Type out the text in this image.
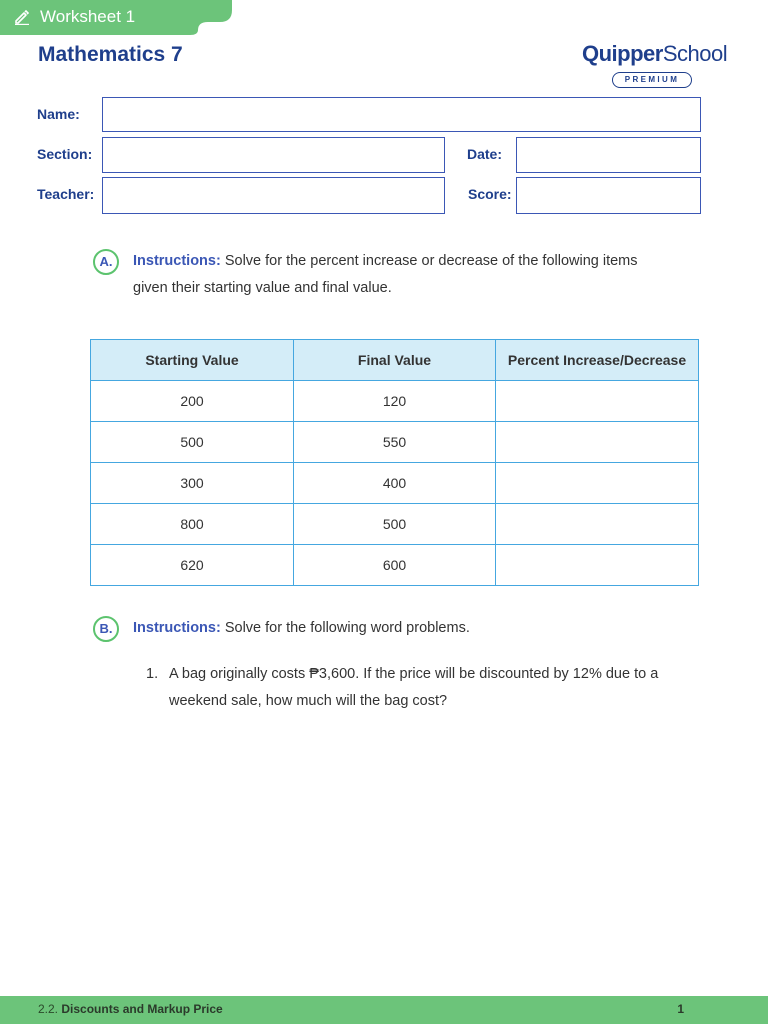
Worksheet 1
Mathematics 7	QuipperSchool
PREMIUM
Name:
Section:	Date:
Teacher:	Score:
A.	Instructions: Solve for the percent increase or decrease of the following items
given their starting value and final value.
Starting Value	Final Value	Percent Increase/Decrease
200	120	
500	550	
300	400	
800	500	
620	600	
B.	Instructions: Solve for the following word problems.
1. A bag originally costs ₱3,600. If the price will be discounted by 12% due to a
weekend sale, how much will the bag cost?
2.2. Discounts and Markup Price	1
